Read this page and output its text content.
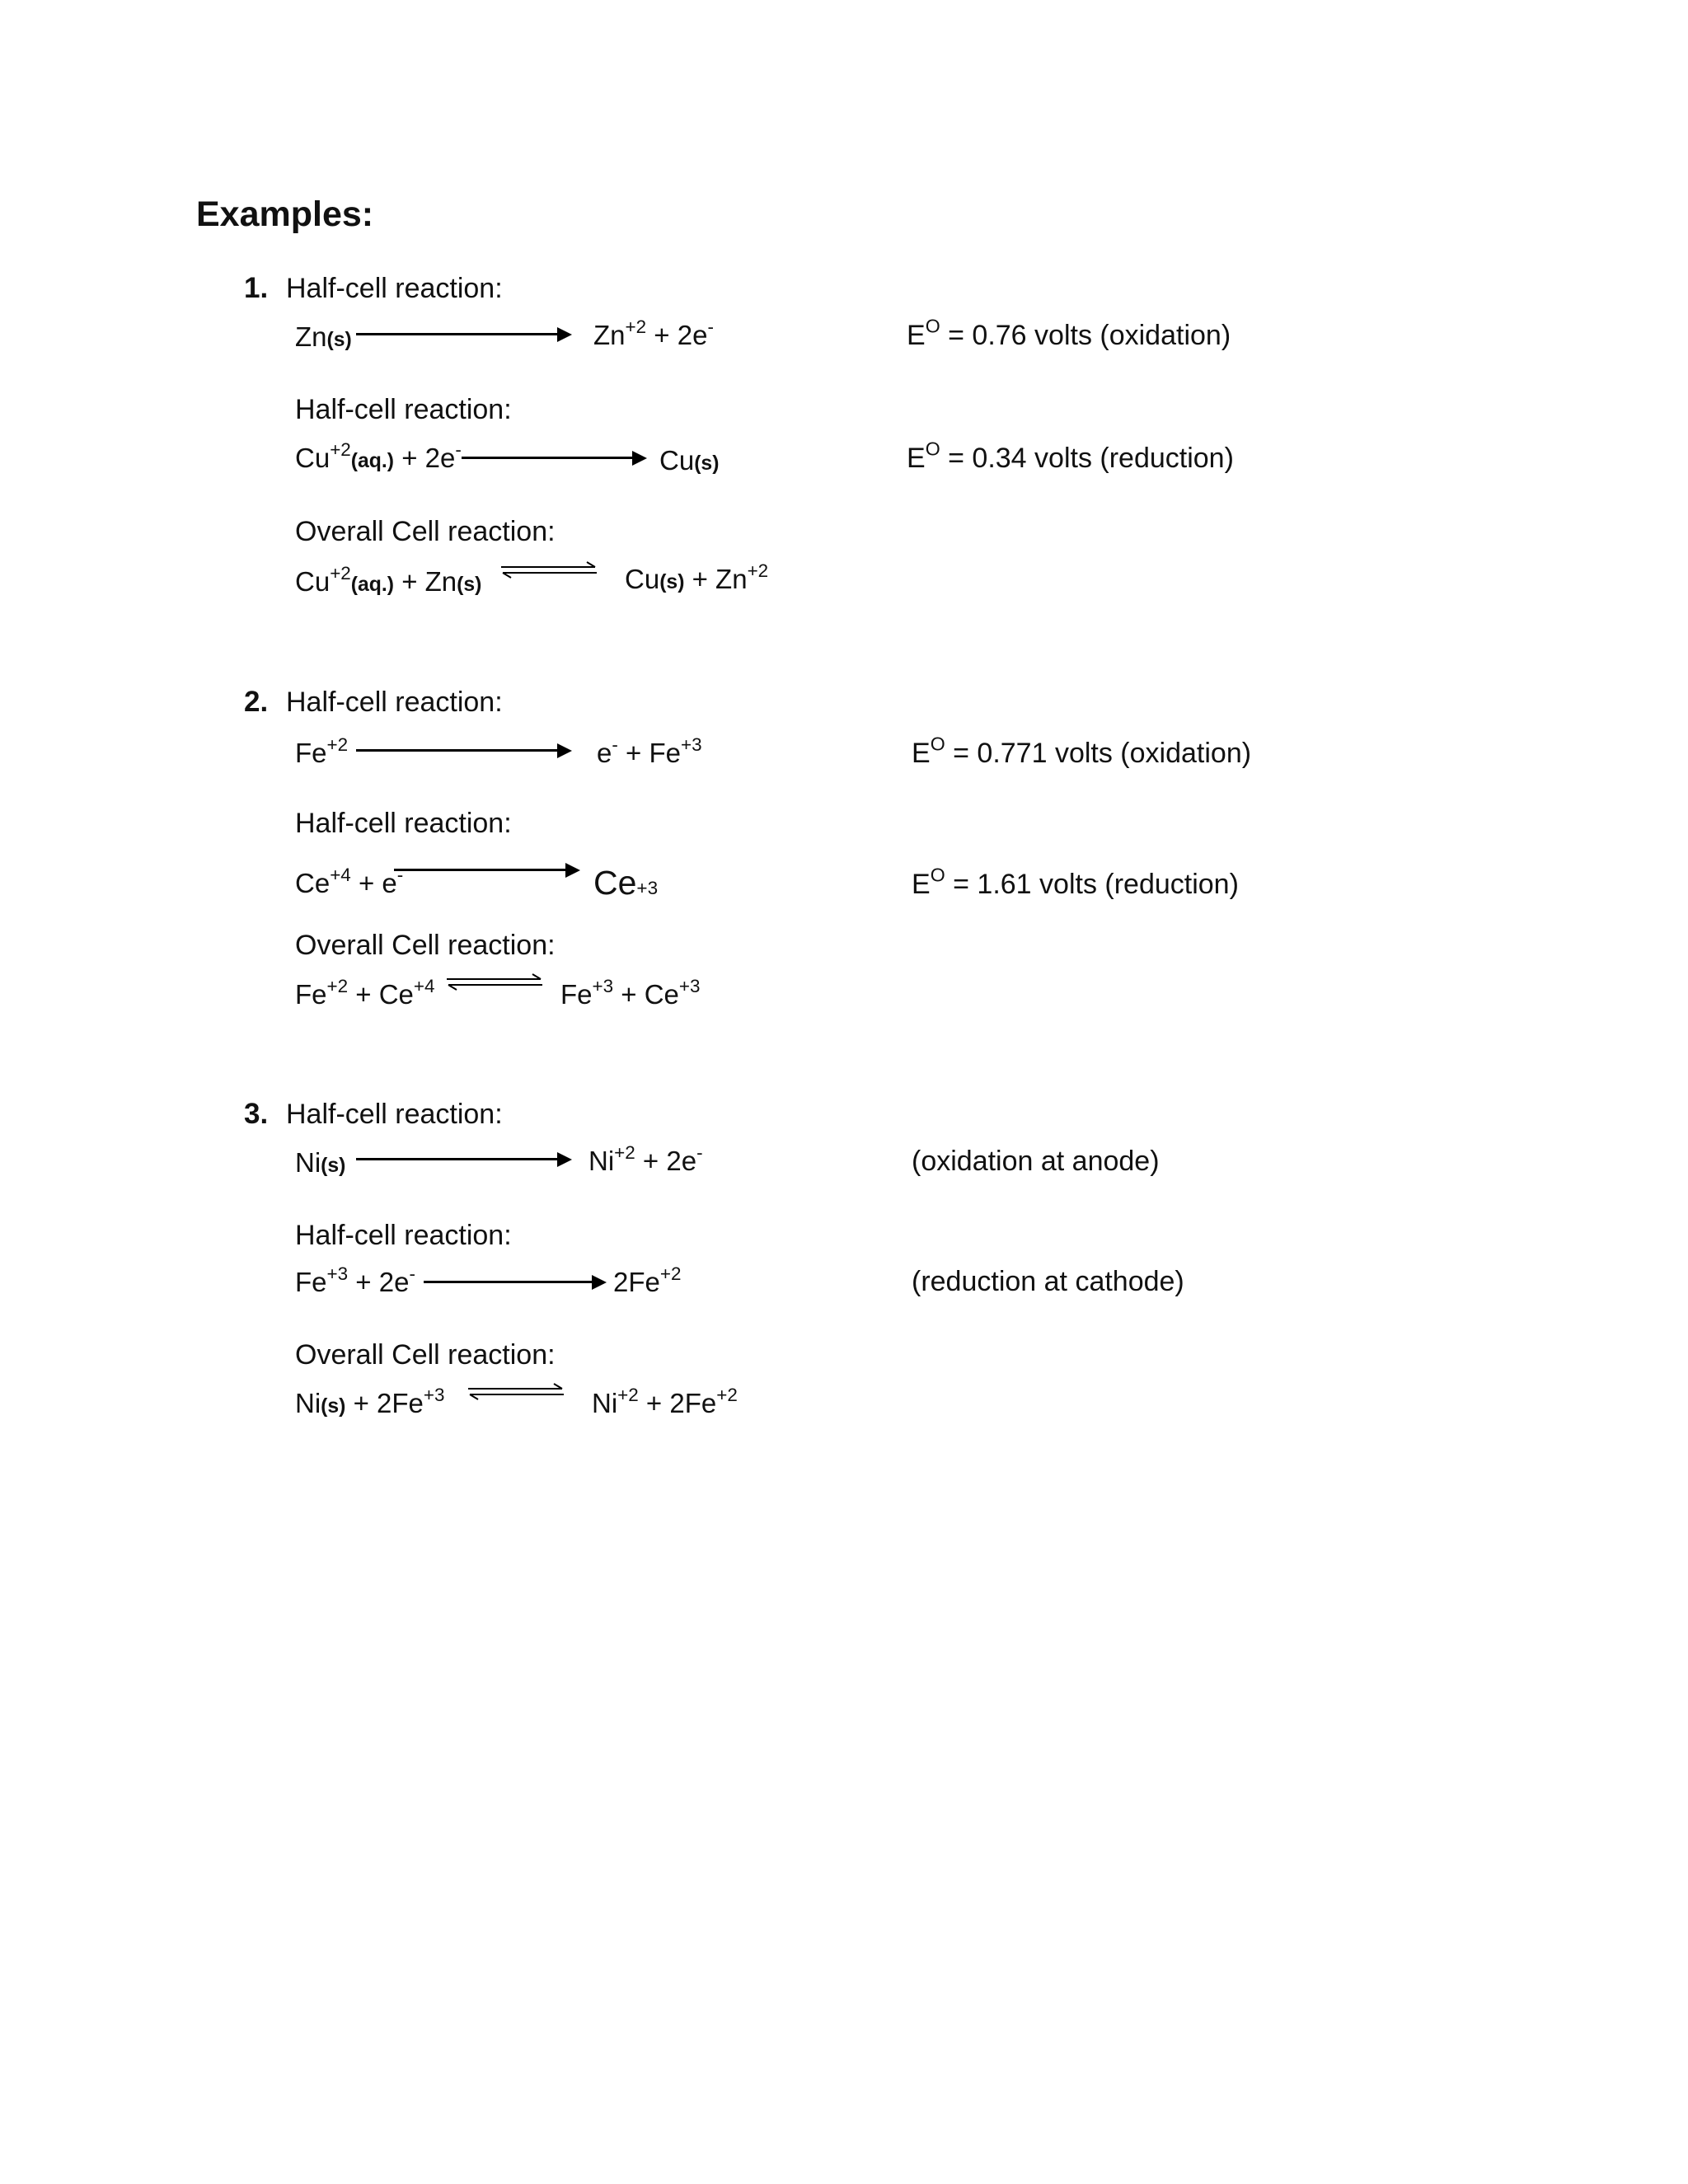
Examples:
1. Half-cell reaction:
Zn(s)	$Zn^{+2} + 2e^-$	$E^O = 0.76$ volts (oxidation)
Half-cell reaction:
$Cu^{+2}(aq.) + 2e^-$	Cu(s)	$E^O = 0.34$ volts (reduction)
Overall Cell reaction:
$Cu^{+2}(aq.) + Zn(s)$	$Cu(s) + Zn^{+2}$
2. Half-cell reaction:
$Fe^{+2}$	$e^- + Fe^{+3}$	$E^O = 0.771$ volts (oxidation)
Half-cell reaction:
$Ce^{+4} + e^-$	Ce+3	$E^O = 1.61$ volts (reduction)
Overall Cell reaction:
$Fe^{+2} + Ce^{+4}$	$Fe^{+3} + Ce^{+3}$
3. Half-cell reaction:
Ni(s)	$Ni^{+2} + 2e^-$	(oxidation at anode)
Half-cell reaction:
$Fe^{+3} + 2e^-$	$2Fe^{+2}$	(reduction at cathode)
Overall Cell reaction:
$Ni(s) + 2Fe^{+3}$	$Ni^{+2} + 2Fe^{+2}$
